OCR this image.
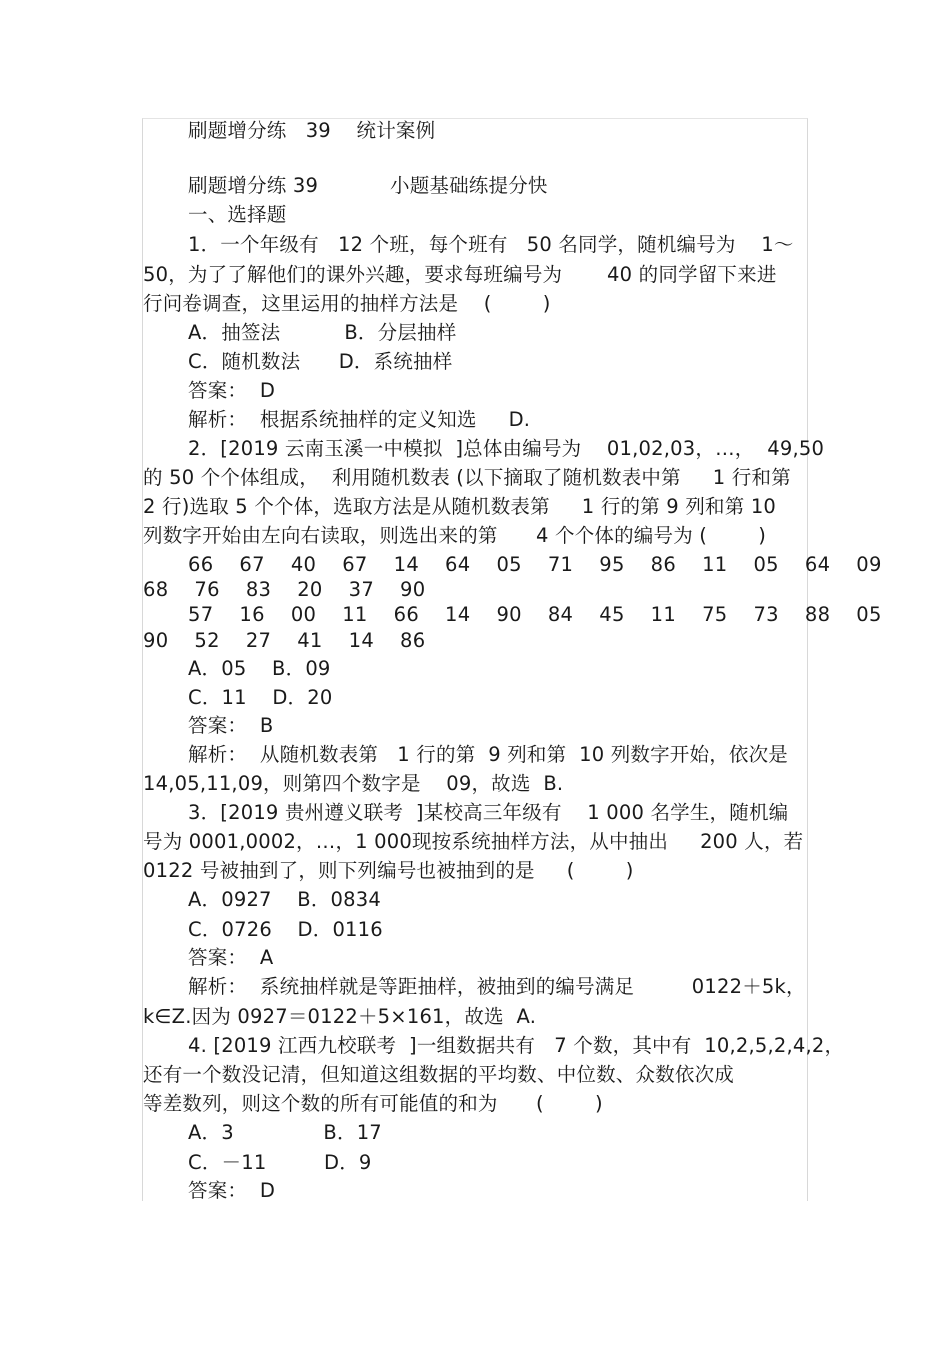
刷题增分练   39    统计案例
刷题增分练 39	小题基础练提分快
一、选择题
1．一个年级有   12 个班，每个班有   50 名同学，随机编号为    1～
50，为了了解他们的课外兴趣，要求每班编号为       40 的同学留下来进
行问卷调查，这里运用的抽样方法是    (        )
A．抽签法          B．分层抽样
C．随机数法      D．系统抽样
答案：  D
解析：  根据系统抽样的定义知选     D.
2．[2019 云南玉溪一中模拟  ]总体由编号为    01,02,03，…，  49,50
的 50 个个体组成，  利用随机数表 (以下摘取了随机数表中第     1 行和第
2 行)选取 5 个个体，选取方法是从随机数表第     1 行的第 9 列和第 10
列数字开始由左向右读取，则选出来的第      4 个个体的编号为 (        )
66    67    40    67    14    64    05    71    95    86    11    05    64    09
68    76    83    20    37    90
57    16    00    11    66    14    90    84    45    11    75    73    88    05
90    52    27    41    14    86
A．05    B．09
C．11    D．20
答案：  B
解析：  从随机数表第   1 行的第  9 列和第  10 列数字开始，依次是
14,05,11,09，则第四个数字是    09，故选  B.
3．[2019 贵州遵义联考  ]某校高三年级有    1 000 名学生，随机编
号为 0001,0002，…，1 000现按系统抽样方法，从中抽出     200 人，若
0122 号被抽到了，则下列编号也被抽到的是     (        )
A．0927    B．0834
C．0726    D．0116
答案：  A
解析：  系统抽样就是等距抽样，被抽到的编号满足         0122＋5k，
k∈Z.因为 0927＝0122＋5×161，故选  A.
4. [2019 江西九校联考  ]一组数据共有   7 个数，其中有  10,2,5,2,4,2，
还有一个数没记清，但知道这组数据的平均数、中位数、众数依次成
等差数列，则这个数的所有可能值的和为      (        )
A．3              B．17
C．－11         D．9
答案：  D
